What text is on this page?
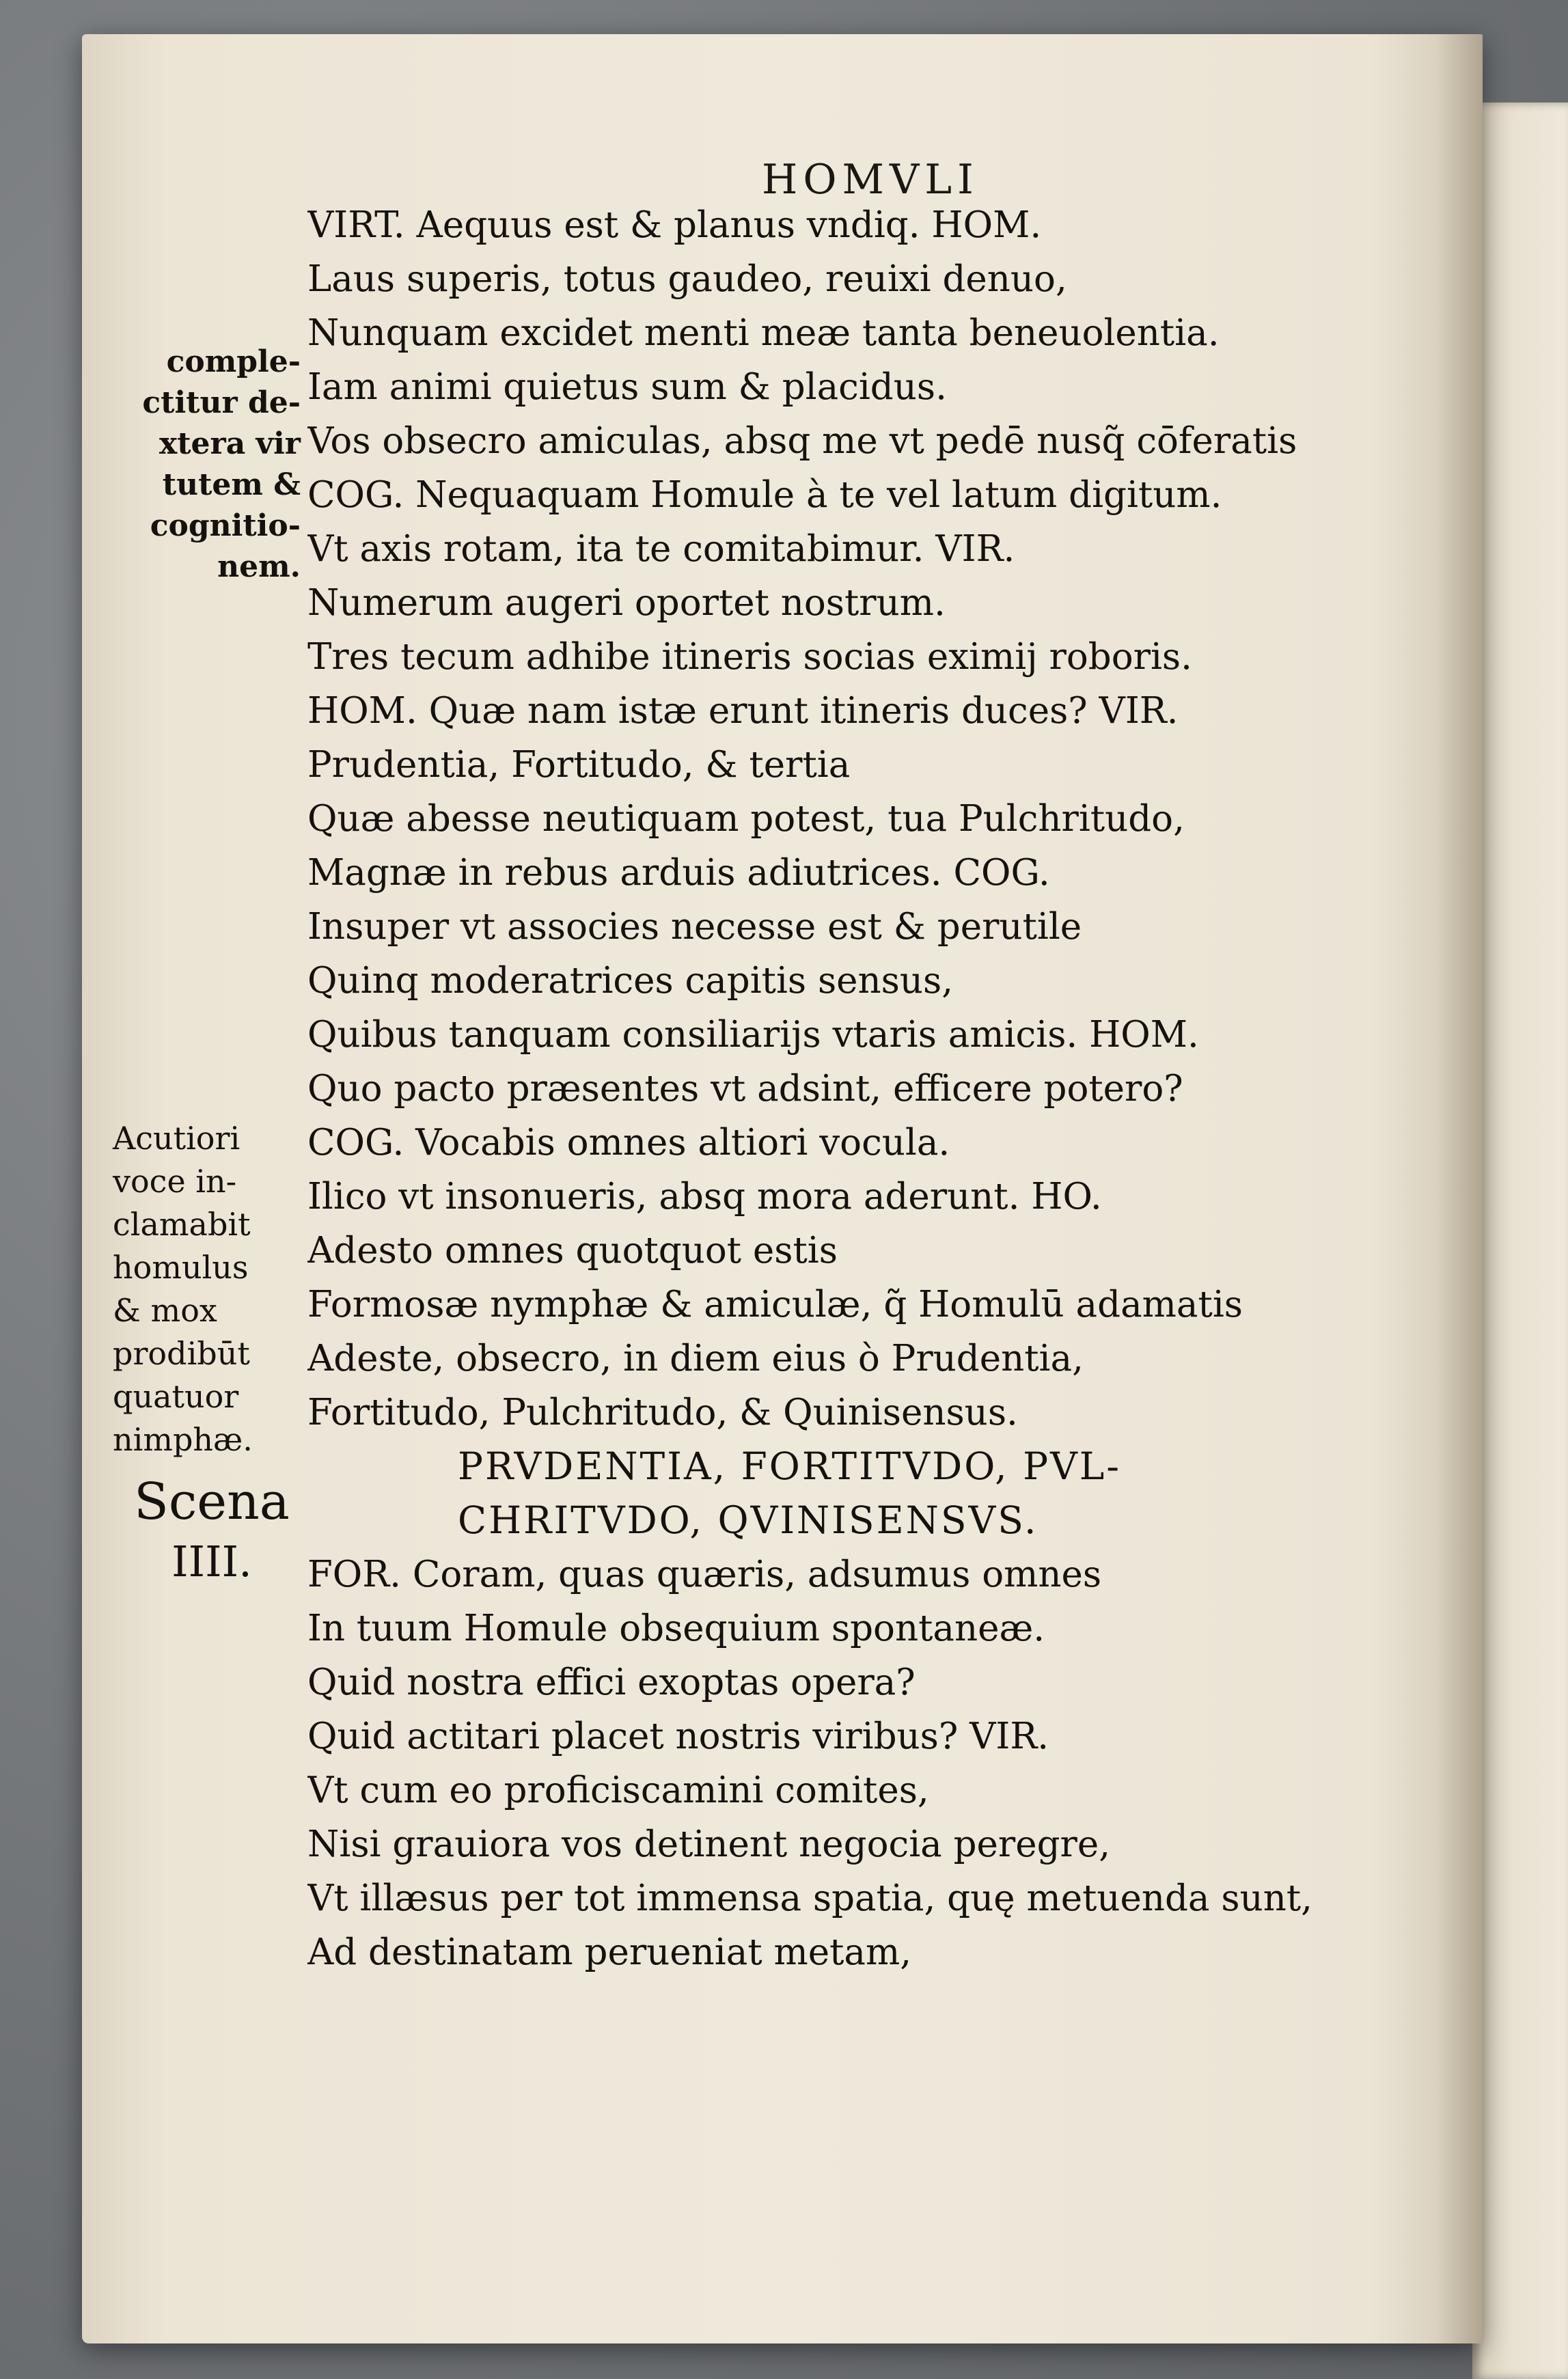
HOMVLI
VIRT. Aequus est & planus vndiq. HOM.
Laus superis, totus gaudeo, reuixi denuo,
Nunquam excidet menti meæ tanta beneuolentia.
Iam animi quietus sum & placidus.
Vos obsecro amiculas, absq me vt pedē nusq̃ cōferatis
COG. Nequaquam Homule à te vel latum digitum.
Vt axis rotam, ita te comitabimur. VIR.
Numerum augeri oportet nostrum.
Tres tecum adhibe itineris socias eximij roboris.
HOM. Quæ nam istæ erunt itineris duces? VIR.
Prudentia, Fortitudo, & tertia
Quæ abesse neutiquam potest, tua Pulchritudo,
Magnæ in rebus arduis adiutrices. COG.
Insuper vt associes necesse est & perutile
Quinq moderatrices capitis sensus,
Quibus tanquam consiliarijs vtaris amicis. HOM.
Quo pacto præsentes vt adsint, efficere potero?
COG. Vocabis omnes altiori vocula.
Ilico vt insonueris, absq mora aderunt. HO.
Adesto omnes quotquot estis
Formosæ nymphæ & amiculæ, q̃ Homulū adamatis
Adeste, obsecro, in diem eius ò Prudentia,
Fortitudo, Pulchritudo, & Quinisensus.
PRVDENTIA, FORTITVDO, PVL-
CHRITVDO, QVINISENSVS.
FOR. Coram, quas quæris, adsumus omnes
In tuum Homule obsequium spontaneæ.
Quid nostra effici exoptas opera?
Quid actitari placet nostris viribus? VIR.
Vt cum eo proficiscamini comites,
Nisi grauiora vos detinent negocia peregre,
Vt illæsus per tot immensa spatia, quę metuenda sunt,
Ad destinatam perueniat metam,
comple-
ctitur de-
xtera vir
tutem &
cognitio-
nem.
Acutiori
voce in-
clamabit
homulus
& mox
prodibūt
quatuor
nimphæ.
Scena
IIII.
